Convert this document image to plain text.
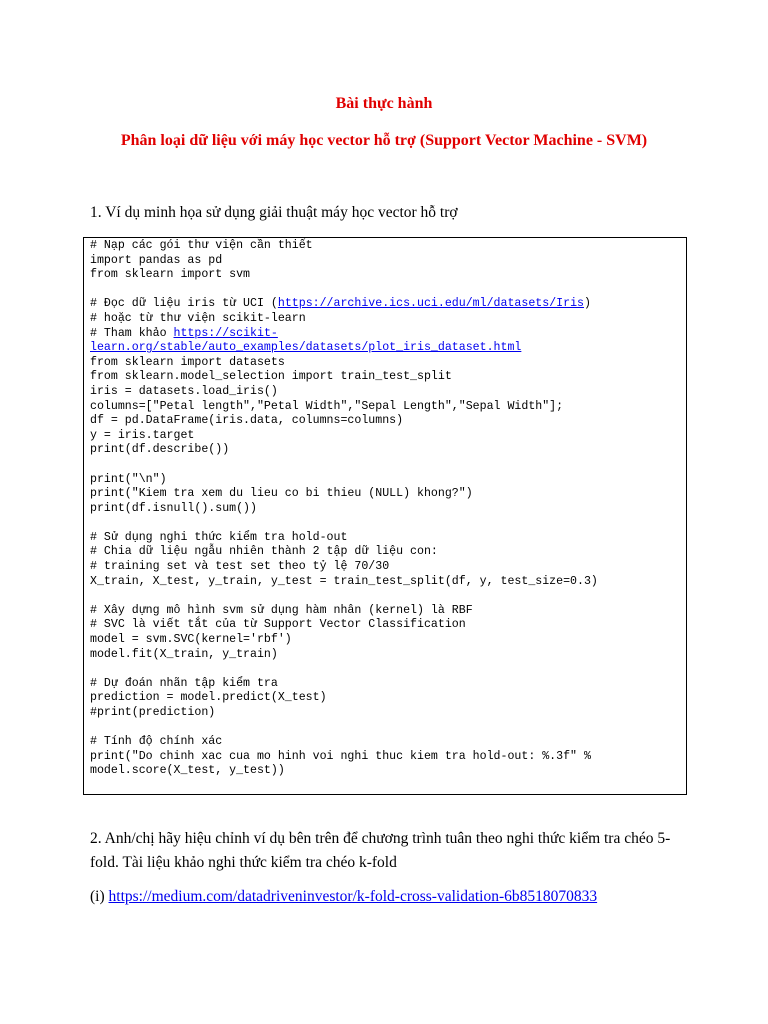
Bài thực hành
Phân loại dữ liệu với máy học vector hỗ trợ (Support Vector Machine - SVM)

1. Ví dụ minh họa sử dụng giải thuật máy học vector hỗ trợ

# Nạp các gói thư viện cần thiết
import pandas as pd
from sklearn import svm
# Đọc dữ liệu iris từ UCI (https://archive.ics.uci.edu/ml/datasets/Iris)
# hoặc từ thư viện scikit-learn
# Tham khảo https://scikit-
learn.org/stable/auto_examples/datasets/plot_iris_dataset.html
from sklearn import datasets
from sklearn.model_selection import train_test_split
iris = datasets.load_iris()
columns=["Petal length","Petal Width","Sepal Length","Sepal Width"];
df = pd.DataFrame(iris.data, columns=columns)
y = iris.target
print(df.describe())
print("\n")
print("Kiem tra xem du lieu co bi thieu (NULL) khong?")
print(df.isnull().sum())
# Sử dụng nghi thức kiểm tra hold-out
# Chia dữ liệu ngẫu nhiên thành 2 tập dữ liệu con:
# training set và test set theo tỷ lệ 70/30
X_train, X_test, y_train, y_test = train_test_split(df, y, test_size=0.3)
# Xây dựng mô hình svm sử dụng hàm nhân (kernel) là RBF
# SVC là viết tắt của từ Support Vector Classification
model = svm.SVC(kernel='rbf')
model.fit(X_train, y_train)
# Dự đoán nhãn tập kiểm tra
prediction = model.predict(X_test)
#print(prediction)
# Tính độ chính xác
print("Do chinh xac cua mo hinh voi nghi thuc kiem tra hold-out: %.3f" %
model.score(X_test, y_test))

2. Anh/chị hãy hiệu chỉnh ví dụ bên trên để chương trình tuân theo nghi thức kiểm tra chéo 5-fold. Tài liệu khảo nghi thức kiểm tra chéo k-fold

(i) https://medium.com/datadriveninvestor/k-fold-cross-validation-6b8518070833
